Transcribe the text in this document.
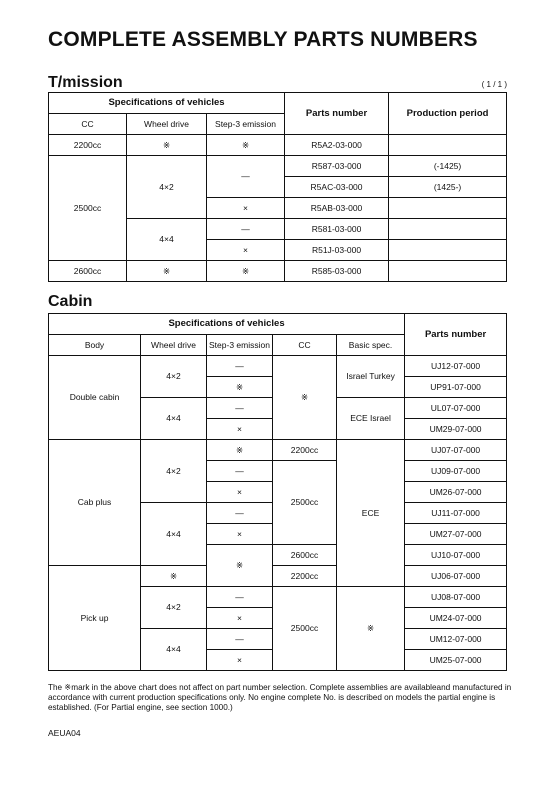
COMPLETE ASSEMBLY PARTS NUMBERS
T/mission	( 1 / 1 )
Specifications of vehicles			Parts number	Production period
CC	Wheel drive	Step-3 emission		
2200cc	※	※	R5A2-03-000	
2500cc	4×2	—	R587-03-000	(-1425)
			R5AC-03-000	(1425-)
		×	R5AB-03-000	
	4×4	—	R581-03-000	
		×	R51J-03-000	
2600cc	※	※	R585-03-000	
Cabin
Specifications of vehicles					Parts number
Body	Wheel drive	Step-3 emission	CC	Basic spec.	
Double cabin	4×2	—	※	Israel Turkey	UJ12-07-000
		※			UP91-07-000
	4×4	—		ECE Israel	UL07-07-000
		×			UM29-07-000
Cab plus	4×2	※	2200cc	ECE	UJ07-07-000
		—	2500cc		UJ09-07-000
		×			UM26-07-000
	4×4	—			UJ11-07-000
		×			UM27-07-000
		※	2600cc		UJ10-07-000
Pick up	※		2200cc		UJ06-07-000
	4×2	—	2500cc	※	UJ08-07-000
		×			UM24-07-000
	4×4	—			UM12-07-000
		×			UM25-07-000
The ※mark in the above chart does not affect on part number selection. Complete assemblies are availableand manufactured in accordance with current production specifications only. No engine complete No. is described on models the partial engine is established. (For Partial engine, see section 1000.)
AEUA04
